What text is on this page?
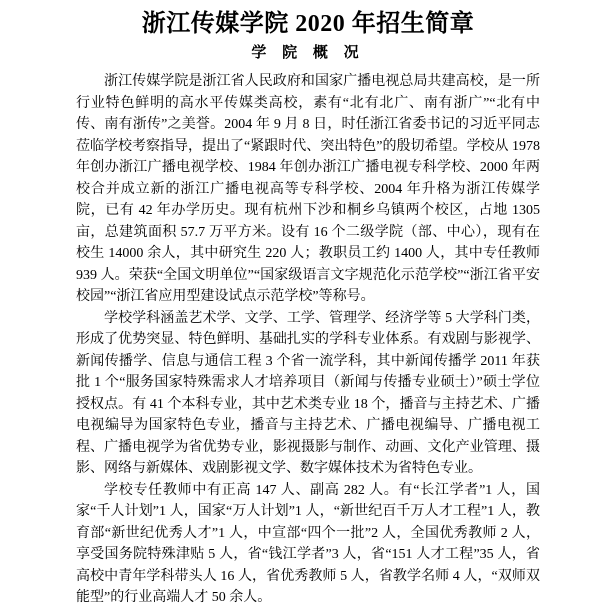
浙江传媒学院 2020 年招生简章
学 院 概 况

浙江传媒学院是浙江省人民政府和国家广播电视总局共建高校，是一所行业特色鲜明的高水平传媒类高校，素有“北有北广、南有浙广”“北有中传、南有浙传”之美誉。2004 年 9 月 8 日，时任浙江省委书记的习近平同志莅临学校考察指导，提出了“紧跟时代、突出特色”的殷切希望。学校从 1978 年创办浙江广播电视学校、1984 年创办浙江广播电视专科学校、2000 年两校合并成立新的浙江广播电视高等专科学校、2004 年升格为浙江传媒学院，已有 42 年办学历史。现有杭州下沙和桐乡乌镇两个校区，占地 1305 亩，总建筑面积 57.7 万平方米。设有 16 个二级学院（部、中心），现有在校生 14000 余人，其中研究生 220 人；教职员工约 1400 人，其中专任教师 939 人。荣获“全国文明单位”“国家级语言文字规范化示范学校”“浙江省平安校园”“浙江省应用型建设试点示范学校”等称号。

学校学科涵盖艺术学、文学、工学、管理学、经济学等 5 大学科门类，形成了优势突显、特色鲜明、基础扎实的学科专业体系。有戏剧与影视学、新闻传播学、信息与通信工程 3 个省一流学科，其中新闻传播学 2011 年获批 1 个“服务国家特殊需求人才培养项目（新闻与传播专业硕士）”硕士学位授权点。有 41 个本科专业，其中艺术类专业 18 个，播音与主持艺术、广播电视编导为国家特色专业，播音与主持艺术、广播电视编导、广播电视工程、广播电视学为省优势专业，影视摄影与制作、动画、文化产业管理、摄影、网络与新媒体、戏剧影视文学、数字媒体技术为省特色专业。

学校专任教师中有正高 147 人、副高 282 人。有“长江学者”1 人，国家“千人计划”1 人，国家“万人计划”1 人，“新世纪百千万人才工程”1 人，教育部“新世纪优秀人才”1 人，中宣部“四个一批”2 人，全国优秀教师 2 人，享受国务院特殊津贴 5 人，省“钱江学者”3 人，省“151 人才工程”35 人，省高校中青年学科带头人 16 人，省优秀教师 5 人，省教学名师 4 人，“双师双能型”的行业高端人才 50 余人。
